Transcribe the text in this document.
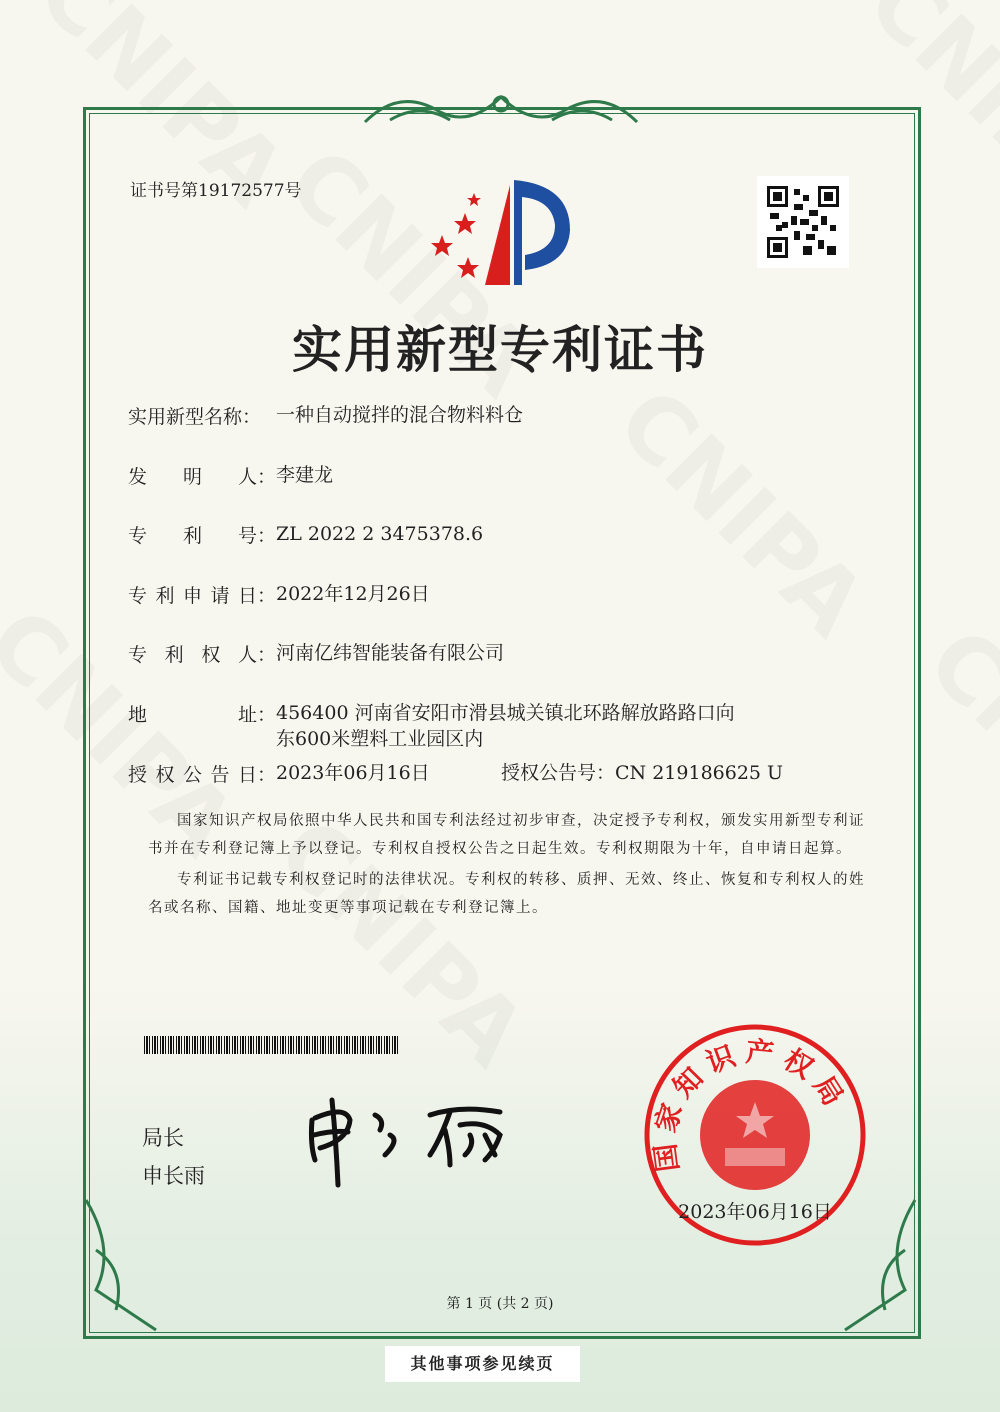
证书号第19172577号
实用新型专利证书
实用新型名称： 一种自动搅拌的混合物料料仓
发 明 人： 李建龙
专 利 号： ZL 2022 2 3475378.6
专 利 申 请 日： 2022年12月26日
专 利 权 人： 河南亿纬智能装备有限公司
地	址： 456400 河南省安阳市滑县城关镇北环路解放路路口向
东600米塑料工业园区内
授 权 公 告 日： 2023年06月16日	授权公告号： CN 219186625 U

国家知识产权局依照中华人民共和国专利法经过初步审查，决定授予专利权，颁发实用新型专利证书并在专利登记簿上予以登记。专利权自授权公告之日起生效。专利权期限为十年，自申请日起算。

专利证书记载专利权登记时的法律状况。专利权的转移、质押、无效、终止、恢复和专利权人的姓名或名称、国籍、地址变更等事项记载在专利登记簿上。

局长
申长雨
国家知识产权局
2023年06月16日
第 1 页 (共 2 页)
其他事项参见续页
